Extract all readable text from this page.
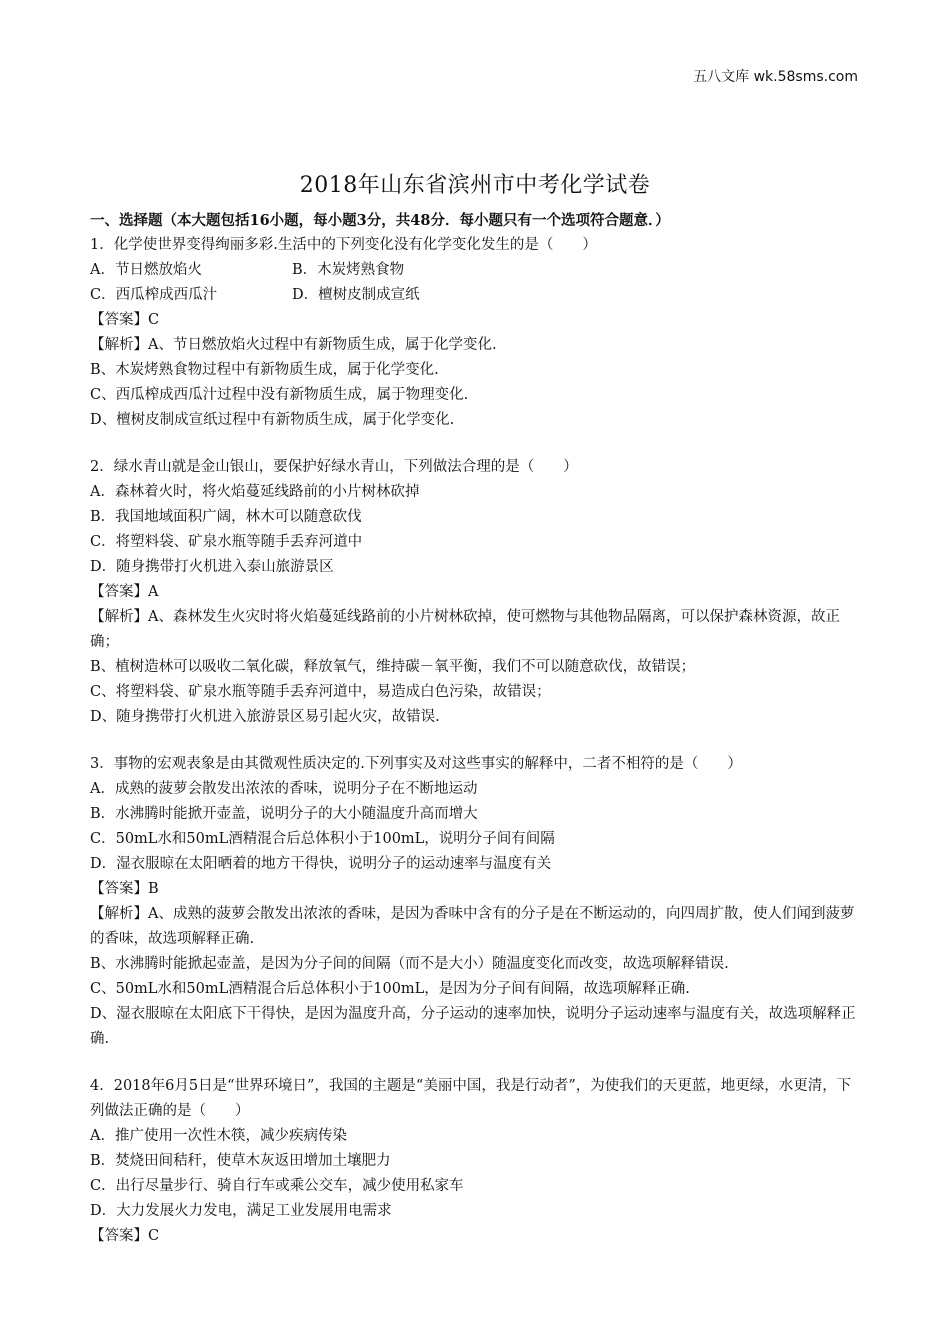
五八文库 wk.58sms.com
2018年山东省滨州市中考化学试卷
一、选择题（本大题包括16小题，每小题3分，共48分．每小题只有一个选项符合题意．）
1．化学使世界变得绚丽多彩.生活中的下列变化没有化学变化发生的是（　　）
A．节日燃放焰火	B．木炭烤熟食物
C．西瓜榨成西瓜汁	D．檀树皮制成宣纸
【答案】C
【解析】A、节日燃放焰火过程中有新物质生成，属于化学变化.
B、木炭烤熟食物过程中有新物质生成，属于化学变化.
C、西瓜榨成西瓜汁过程中没有新物质生成，属于物理变化.
D、檀树皮制成宣纸过程中有新物质生成，属于化学变化.
2．绿水青山就是金山银山，要保护好绿水青山，下列做法合理的是（　　）
A．森林着火时，将火焰蔓延线路前的小片树林砍掉
B．我国地域面积广阔，林木可以随意砍伐
C．将塑料袋、矿泉水瓶等随手丢弃河道中
D．随身携带打火机进入泰山旅游景区
【答案】A
【解析】A、森林发生火灾时将火焰蔓延线路前的小片树林砍掉，使可燃物与其他物品隔离，可以保护森林资源，故正确；
B、植树造林可以吸收二氧化碳，释放氧气，维持碳－氧平衡，我们不可以随意砍伐，故错误；
C、将塑料袋、矿泉水瓶等随手丢弃河道中，易造成白色污染，故错误；
D、随身携带打火机进入旅游景区易引起火灾，故错误.
3．事物的宏观表象是由其微观性质决定的.下列事实及对这些事实的解释中，二者不相符的是（　　）
A．成熟的菠萝会散发出浓浓的香味，说明分子在不断地运动
B．水沸腾时能掀开壶盖，说明分子的大小随温度升高而增大
C．50mL水和50mL酒精混合后总体积小于100mL，说明分子间有间隔
D．湿衣服晾在太阳晒着的地方干得快，说明分子的运动速率与温度有关
【答案】B
【解析】A、成熟的菠萝会散发出浓浓的香味，是因为香味中含有的分子是在不断运动的，向四周扩散，使人们闻到菠萝的香味，故选项解释正确.
B、水沸腾时能掀起壶盖，是因为分子间的间隔（而不是大小）随温度变化而改变，故选项解释错误.
C、50mL水和50mL酒精混合后总体积小于100mL，是因为分子间有间隔，故选项解释正确.
D、湿衣服晾在太阳底下干得快，是因为温度升高，分子运动的速率加快，说明分子运动速率与温度有关，故选项解释正确.
4．2018年6月5日是“世界环境日”，我国的主题是“美丽中国，我是行动者”，为使我们的天更蓝，地更绿，水更清，下列做法正确的是（　　）
A．推广使用一次性木筷，减少疾病传染
B．焚烧田间秸秆，使草木灰返田增加土壤肥力
C．出行尽量步行、骑自行车或乘公交车，减少使用私家车
D．大力发展火力发电，满足工业发展用电需求
【答案】C
